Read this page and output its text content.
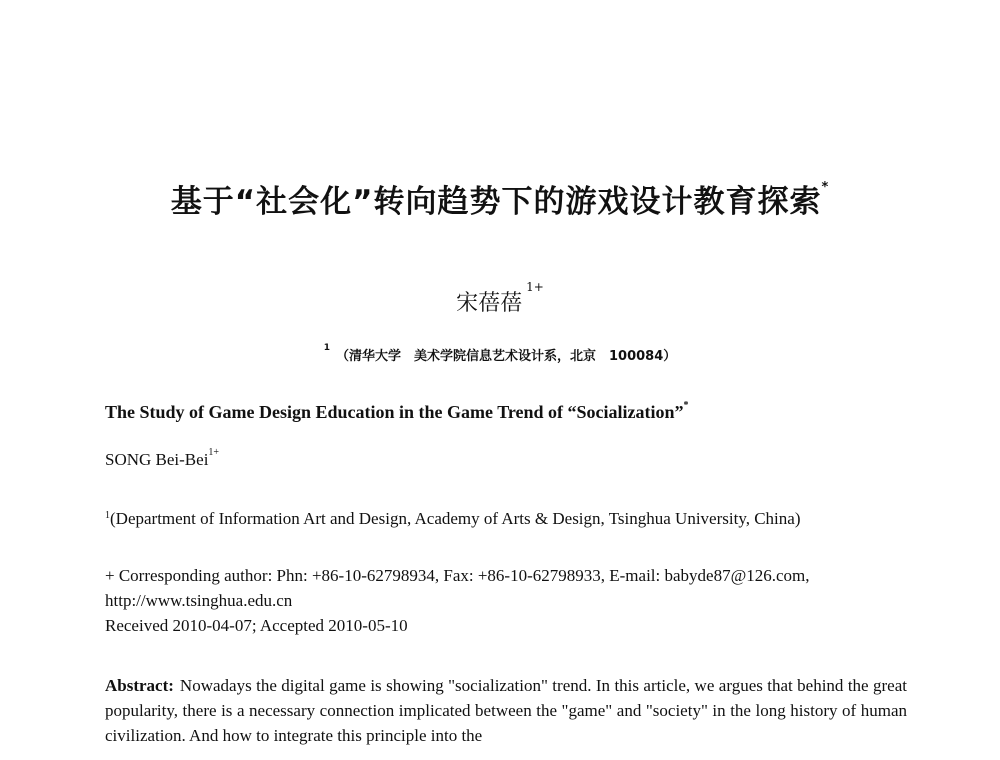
基于“社会化”转向趋势下的游戏设计教育探索*
宋蓓蓓$^{1+}$
$^1$（清华大学　美术学院信息艺术设计系，北京　100084）
The Study of Game Design Education in the Game Trend of “Socialization”*
SONG Bei-Bei$^{1+}$
$^1$(Department of Information Art and Design, Academy of Arts & Design, Tsinghua University, China)
+ Corresponding author: Phn: +86-10-62798934, Fax: +86-10-62798933, E-mail: babyde87@126.com,
http://www.tsinghua.edu.cn
Received 2010-04-07; Accepted 2010-05-10
Abstract: Nowadays the digital game is showing "socialization" trend. In this article, we argues that behind the great popularity, there is a necessary connection implicated between the "game" and "society" in the long history of human civilization. And how to integrate this principle into the
